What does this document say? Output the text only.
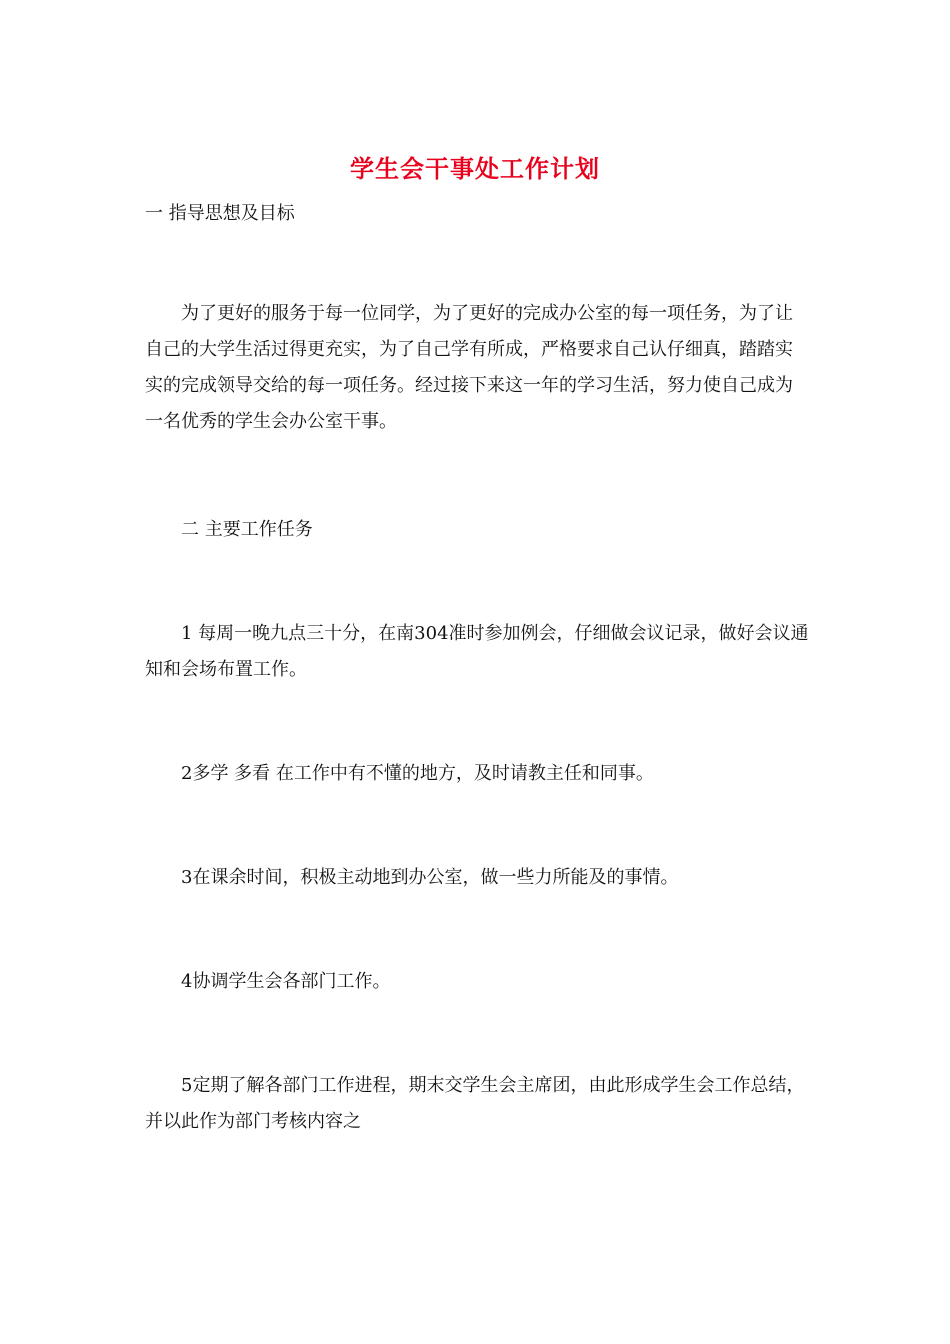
学生会干事处工作计划

一 指导思想及目标

为了更好的服务于每一位同学，为了更好的完成办公室的每一项任务，为了让自己的大学生活过得更充实，为了自己学有所成，严格要求自己认仔细真，踏踏实实的完成领导交给的每一项任务。经过接下来这一年的学习生活，努力使自己成为一名优秀的学生会办公室干事。

二 主要工作任务

1 每周一晚九点三十分，在南304准时参加例会，仔细做会议记录，做好会议通知和会场布置工作。

2多学 多看 在工作中有不懂的地方，及时请教主任和同事。

3在课余时间，积极主动地到办公室，做一些力所能及的事情。

4协调学生会各部门工作。

5定期了解各部门工作进程，期末交学生会主席团，由此形成学生会工作总结，并以此作为部门考核内容之
